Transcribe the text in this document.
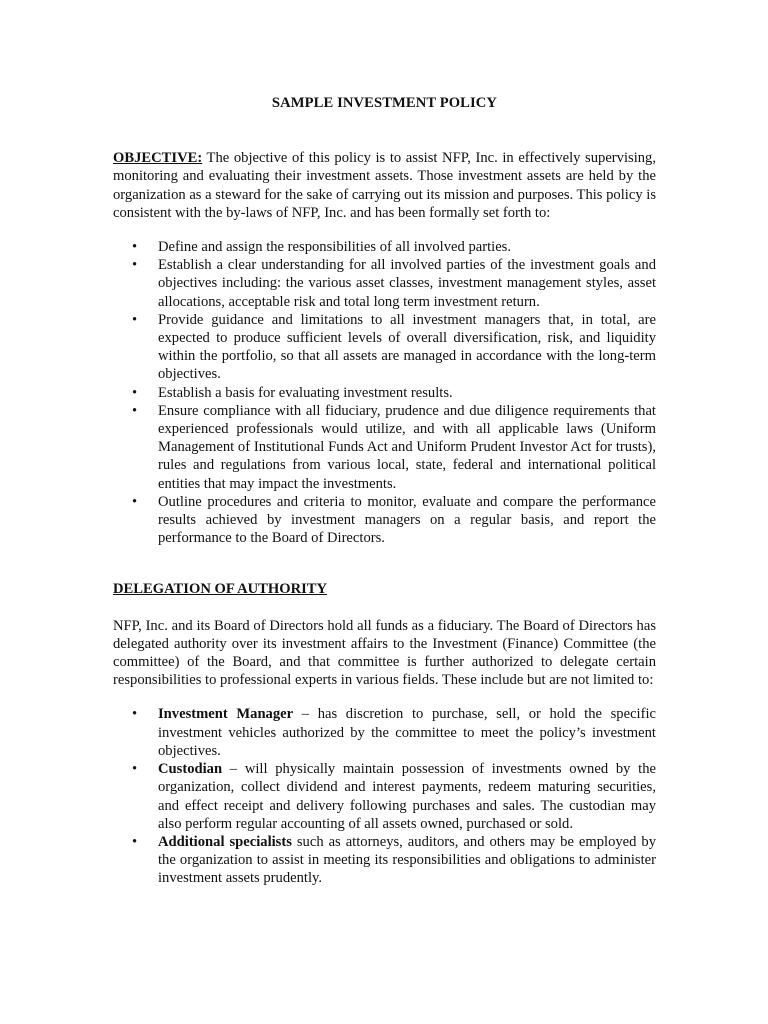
SAMPLE INVESTMENT POLICY

OBJECTIVE: The objective of this policy is to assist NFP, Inc. in effectively supervising, monitoring and evaluating their investment assets. Those investment assets are held by the organization as a steward for the sake of carrying out its mission and purposes. This policy is consistent with the by-laws of NFP, Inc. and has been formally set forth to:

• Define and assign the responsibilities of all involved parties.
• Establish a clear understanding for all involved parties of the investment goals and objectives including: the various asset classes, investment management styles, asset allocations, acceptable risk and total long term investment return.
• Provide guidance and limitations to all investment managers that, in total, are expected to produce sufficient levels of overall diversification, risk, and liquidity within the portfolio, so that all assets are managed in accordance with the long-term objectives.
• Establish a basis for evaluating investment results.
• Ensure compliance with all fiduciary, prudence and due diligence requirements that experienced professionals would utilize, and with all applicable laws (Uniform Management of Institutional Funds Act and Uniform Prudent Investor Act for trusts), rules and regulations from various local, state, federal and international political entities that may impact the investments.
• Outline procedures and criteria to monitor, evaluate and compare the performance results achieved by investment managers on a regular basis, and report the performance to the Board of Directors.
DELEGATION OF AUTHORITY

NFP, Inc. and its Board of Directors hold all funds as a fiduciary. The Board of Directors has delegated authority over its investment affairs to the Investment (Finance) Committee (the committee) of the Board, and that committee is further authorized to delegate certain responsibilities to professional experts in various fields. These include but are not limited to:

• Investment Manager – has discretion to purchase, sell, or hold the specific investment vehicles authorized by the committee to meet the policy’s investment objectives.
• Custodian – will physically maintain possession of investments owned by the organization, collect dividend and interest payments, redeem maturing securities, and effect receipt and delivery following purchases and sales. The custodian may also perform regular accounting of all assets owned, purchased or sold.
• Additional specialists such as attorneys, auditors, and others may be employed by the organization to assist in meeting its responsibilities and obligations to administer investment assets prudently.
